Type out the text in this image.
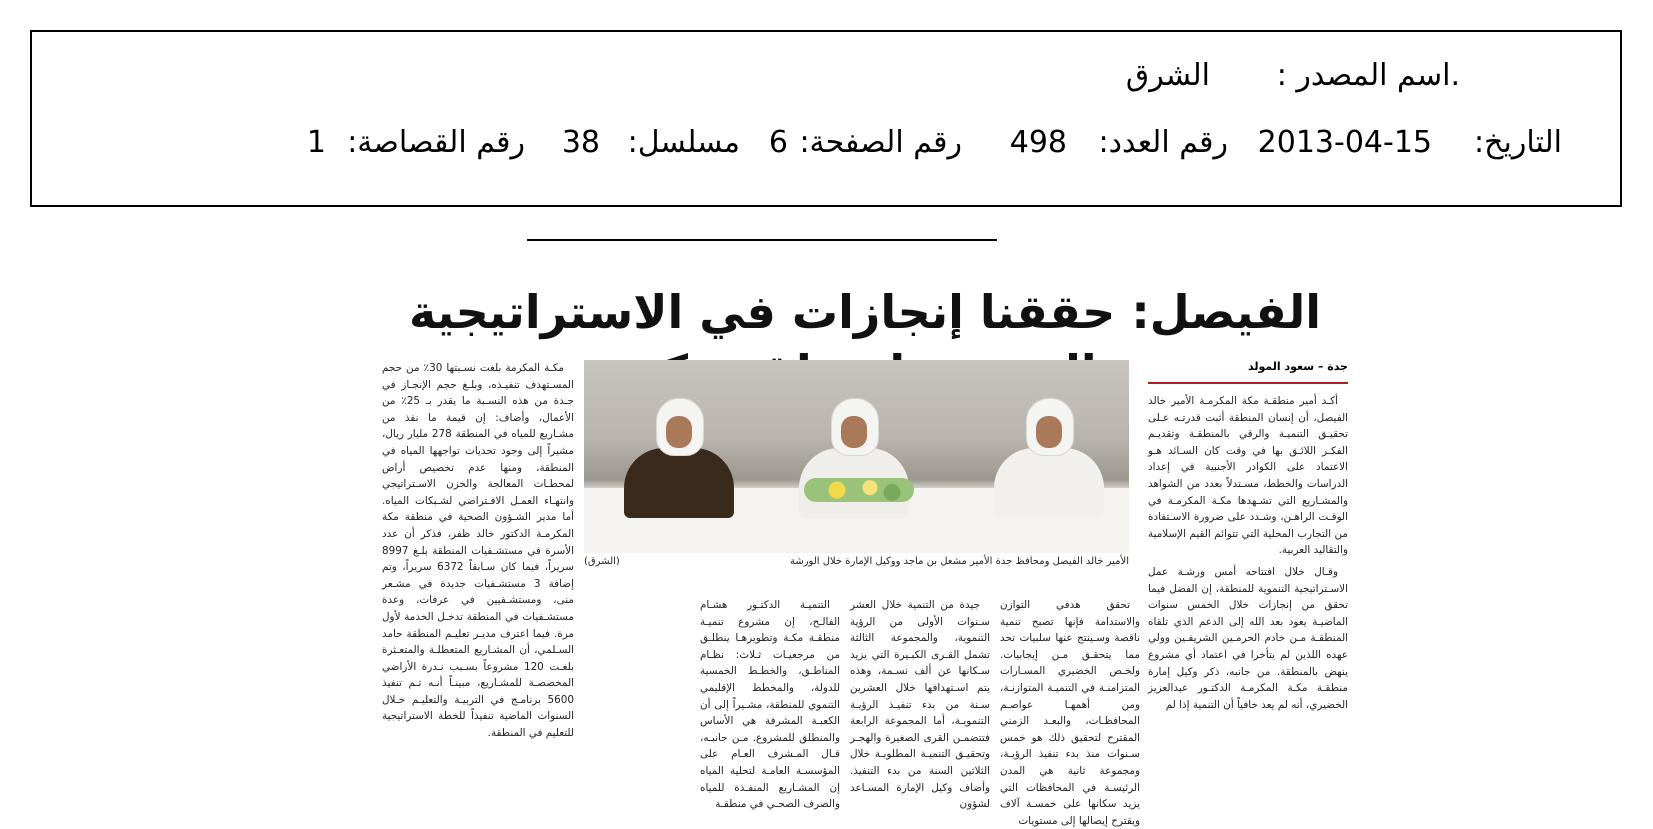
.اسم المصدر :
الشرق
التاريخ:
2013-04-15
رقم العدد:
498
رقم الصفحة:
6
مسلسل:
38
رقم القصاصة:
1
الفيصل: حققنا إنجازات في الاستراتيجية
جدة – سعود المولد

أكـد أمير منطقـة مكة المكرمـة الأمير خالد الفيصل، أن إنسان المنطقة أثبت قدرتـه عـلى تحقيـق التنميـة والرقي بالمنطقـة وتقديـم الفكـر اللائـق بها في وقت كان السـائد هـو الاعتماد على الكوادر الأجنبية في إعداد الدراسات والخطط، مسـتدلاً بعدد من الشواهد والمشـاريع التي تشـهدها مكـة المكرمـة في الوقـت الراهـن، وشـدد على ضرورة الاسـتفادة من التجارب المحلية التي تتوائم القيم الإسلامية والتقاليد العربية.

وقـال خلال افتتاحه أمس ورشـة عمل الاسـتراتيجية التنموية للمنطقة، إن الفضل فيما تحقق من إنجازات خلال الخمس سنوات الماضيـة يعود بعد الله إلى الدعم الذي تلقاه المنطقـة مـن خادم الحرمـين الشريفـين وولي عهده اللذين لم يتأخرا في اعتماد أي مشروع ينهض بالمنطقة. من جانبه، ذكر وكيل إمارة منطقـة مكـة المكرمـة الدكتـور عبدالعزيز الخضيري، أنه لم يعد خافياً أن التنمية إذا لم

الأمير خالد الفيصل ومحافظ جدة الأمير مشعل بن ماجد ووكيل الإمارة خلال الورشة
(الشرق)

تحقق هدفي التوازن والاستدامة فإنها تصبح تنمية ناقصة وسـينتج عنها سلبيات تحد مما يتحقـق مـن إيجابيات. ولخـص الخضيري المسـارات المتزامنـة في التنميـة المتوازنـة، ومن أهمهـا عواصـم المحافظـات، والبعـد الزمني المقترح لتحقيق ذلك هو خمس سـنوات منذ بدء تنفيذ الرؤيـة، ومجموعة ثانية هي المدن الرئيسـة في المحافظات التي يزيد سكانها على خمسـة آلاف ويقترح إيصالها إلى مستويات

جيدة من التنمية خلال العشر سـنوات الأولى من الرؤية التنموية، والمجموعة الثالثة تشمل القـرى الكبـيرة التي يزيد سـكانها عن ألف نسـمة، وهذه يتم اسـتهدافها خلال العشرين سـنة من بدء تنفيـذ الرؤيـة التنمويـة، أما المجموعة الرابعة فتتضمـن القرى الصغيرة والهجـر وتحقيـق التنميـة المطلوبـة خلال الثلاثين السنة من بدء التنفيذ. وأضاف وكيل الإمارة المسـاعد لشؤون

التنميـة الدكتـور هشـام الفالـح، إن مشروع تنميـة منطقـة مكـة وتطويرهـا ينطلـق من مرجعيـات ثـلاث: نظـام المناطـق، والخطـط الخمسية للدولة، والمخطط الإقليمي التنموي للمنطقة، مشـيراً إلى أن الكعبـة المشرفة هي الأساس والمنطلق للمشروع. مـن جانبـه، قـال المـشرف العـام على المؤسسـة العامـة لتحلية المياه إن المشـاريع المنفـذة للمياه والصرف الصحـي في منطقـة

مكـة المكرمة بلغت نسـبتها 30٪ من حجم المسـتهدف تنفيـذه، وبلـغ حجم الإنجـاز في جـدة من هذه النسـبة ما يقدر بـ 25٪ من الأعمال، وأضاف: إن قيمة ما نفذ من مشـاريع للمياه في المنطقة 278 مليار ريال، مشيراً إلى وجود تحديات تواجهها المياه في المنطقة، ومنها عدم تخصيص أراض لمحطـات المعالجة والخزن الاسـتراتيجي وانتهـاء العمـل الافـتراضي لشـبكات المياه. أما مدير الشـؤون الصحية في منطقة مكة المكرمـة الدكتور خالد ظفر، فذكر أن عدد الأسرة في مستشـفيات المنطقة بلـغ 8997 سريراً، فيما كان سـابقاً 6372 سريراً، وتم إضافة 3 مستشـفيات جديدة في مشـعر منى، ومستشـفيين في عرفات، وعدة مستشـفيات في المنطقة تدخـل الخدمة لأول مرة. فيما اعترف مديـر تعليـم المنطقة حامد السـلمي، أن المشـاريع المتعطلـة والمتعـثرة بلغـت 120 مشروعاً بسـبب نـدرة الأراضي المخصصـة للمشـاريع، مبينـاً أنـه تـم تنفيذ 5600 برنامـج في التربيـة والتعليـم خـلال السنوات الماضية تنفيذاً للخطة الاستراتيجية للتعليم في المنطقة.
